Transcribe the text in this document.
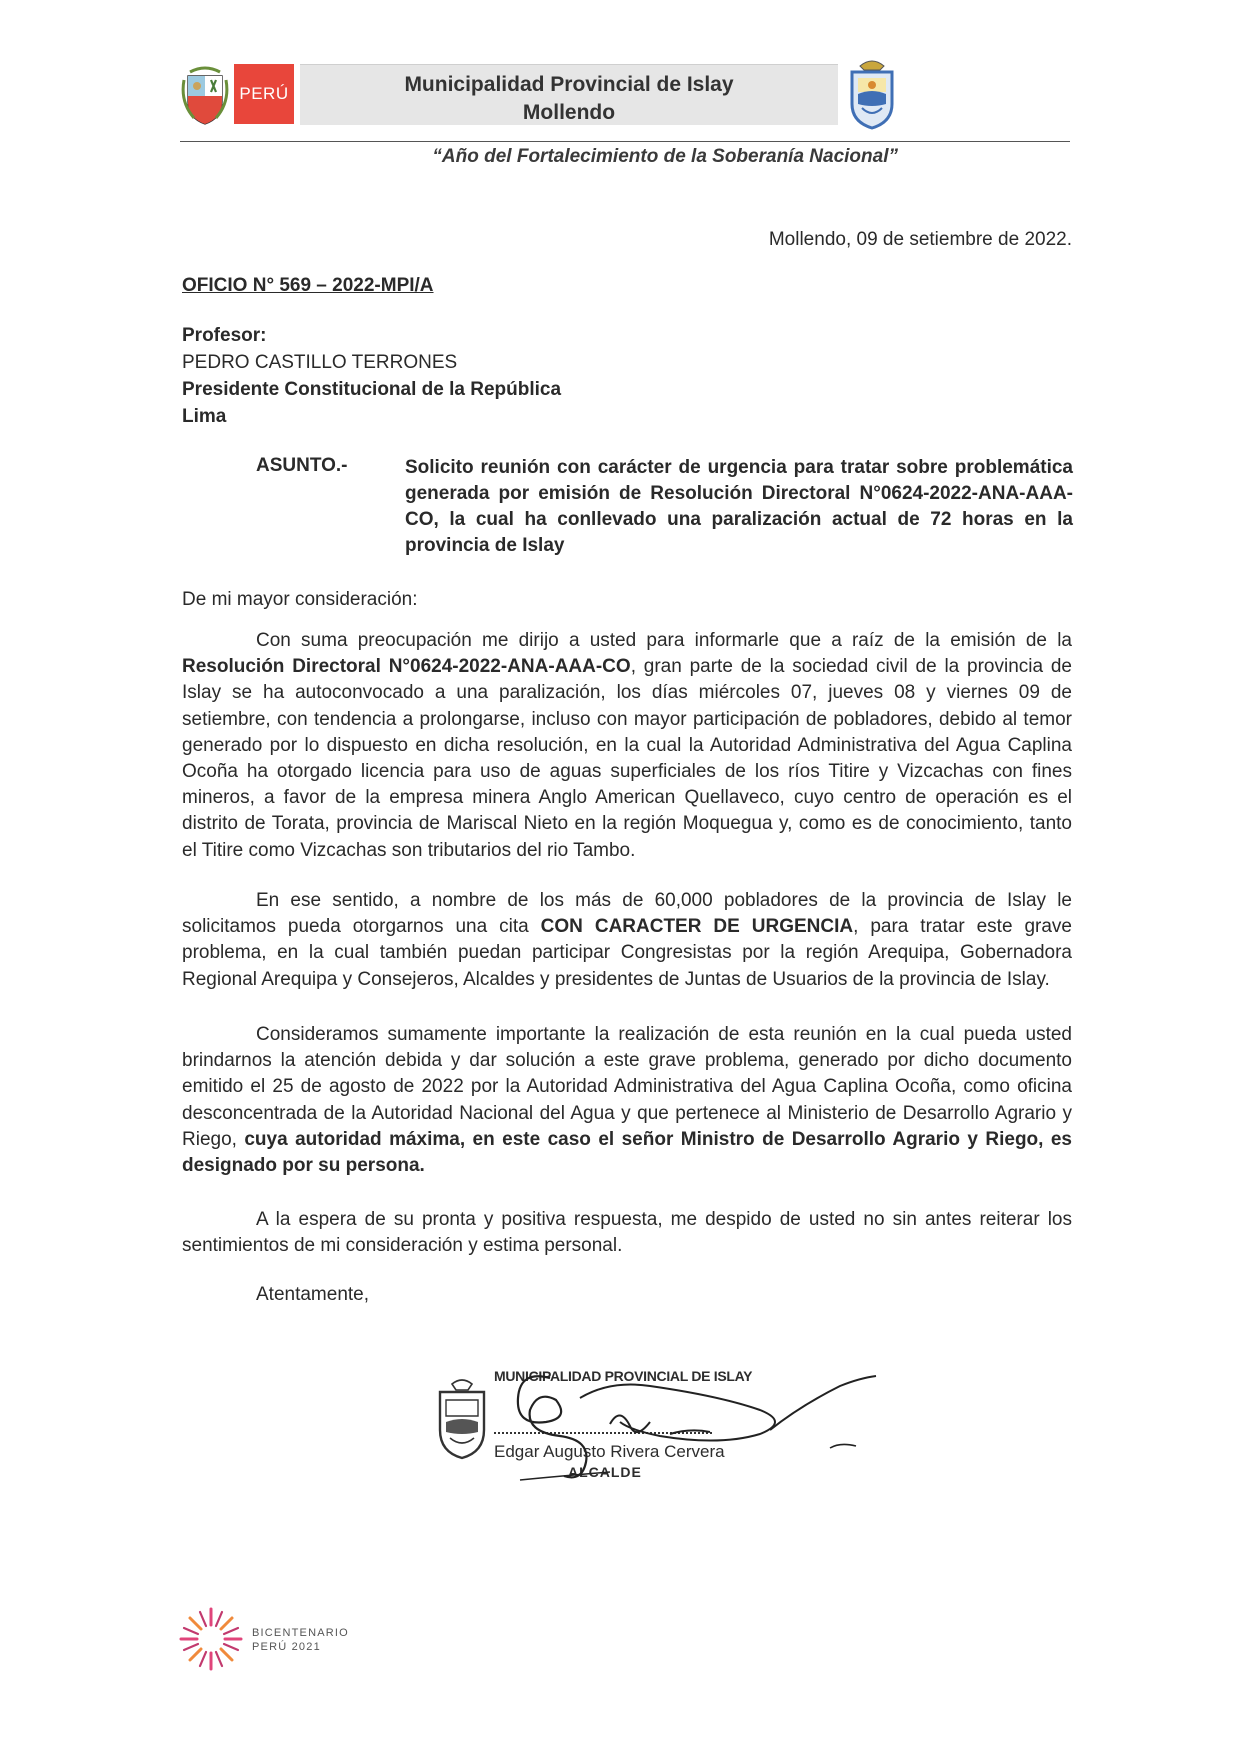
PERÚ	Municipalidad Provincial de Islay
Mollendo
“Año del Fortalecimiento de la Soberanía Nacional”
Mollendo, 09 de setiembre de 2022.
OFICIO N° 569 – 2022-MPI/A
Profesor:
PEDRO CASTILLO TERRONES
Presidente Constitucional de la República
Lima
ASUNTO.-	Solicito reunión con carácter de urgencia para tratar sobre problemática generada por emisión de Resolución Directoral N°0624-2022-ANA-AAA-CO, la cual ha conllevado una paralización actual de 72 horas en la provincia de Islay
De mi mayor consideración:
Con suma preocupación me dirijo a usted para informarle que a raíz de la emisión de la Resolución Directoral N°0624-2022-ANA-AAA-CO, gran parte de la sociedad civil de la provincia de Islay se ha autoconvocado a una paralización, los días miércoles 07, jueves 08 y viernes 09 de setiembre, con tendencia a prolongarse, incluso con mayor participación de pobladores, debido al temor generado por lo dispuesto en dicha resolución, en la cual la Autoridad Administrativa del Agua Caplina Ocoña ha otorgado licencia para uso de aguas superficiales de los ríos Titire y Vizcachas con fines mineros, a favor de la empresa minera Anglo American Quellaveco, cuyo centro de operación es el distrito de Torata, provincia de Mariscal Nieto en la región Moquegua y, como es de conocimiento, tanto el Titire como Vizcachas son tributarios del rio Tambo.
En ese sentido, a nombre de los más de 60,000 pobladores de la provincia de Islay le solicitamos pueda otorgarnos una cita CON CARACTER DE URGENCIA, para tratar este grave problema, en la cual también puedan participar Congresistas por la región Arequipa, Gobernadora Regional Arequipa y Consejeros, Alcaldes y presidentes de Juntas de Usuarios de la provincia de Islay.
Consideramos sumamente importante la realización de esta reunión en la cual pueda usted brindarnos la atención debida y dar solución a este grave problema, generado por dicho documento emitido el 25 de agosto de 2022 por la Autoridad Administrativa del Agua Caplina Ocoña, como oficina desconcentrada de la Autoridad Nacional del Agua y que pertenece al Ministerio de Desarrollo Agrario y Riego, cuya autoridad máxima, en este caso el señor Ministro de Desarrollo Agrario y Riego, es designado por su persona.
A la espera de su pronta y positiva respuesta, me despido de usted no sin antes reiterar los sentimientos de mi consideración y estima personal.
Atentamente,
MUNICIPALIDAD PROVINCIAL DE ISLAY
Edgar Augusto Rivera Cervera
ALCALDE
BICENTENARIO
PERÚ 2021
